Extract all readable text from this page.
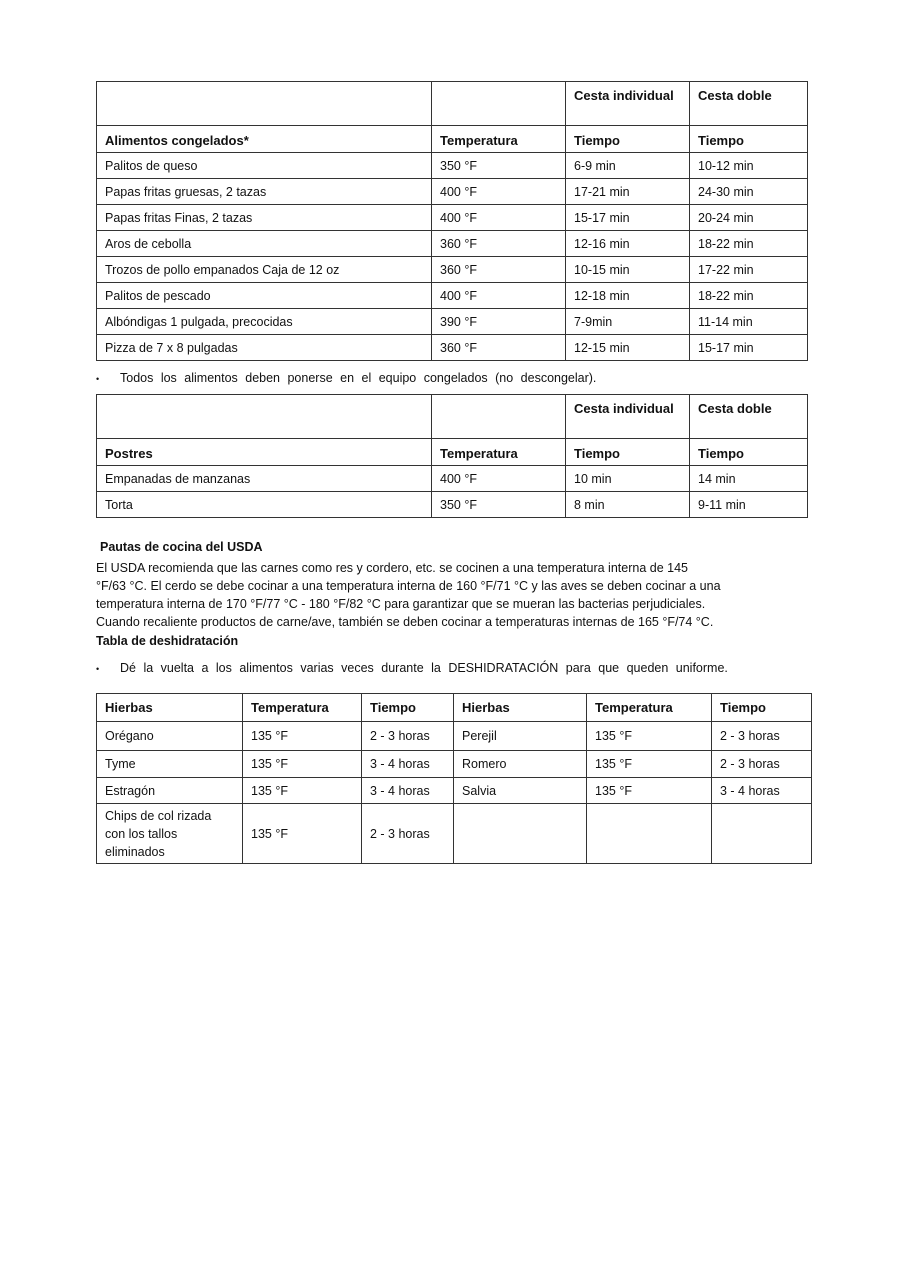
		Cesta individual	Cesta doble
Alimentos congelados*	Temperatura	Tiempo	Tiempo
Palitos de queso	350 °F	6-9 min	10-12 min
Papas fritas gruesas, 2 tazas	400 °F	17-21 min	24-30 min
Papas fritas Finas, 2 tazas	400 °F	15-17 min	20-24 min
Aros de cebolla	360 °F	12-16 min	18-22 min
Trozos de pollo empanados Caja de 12 oz	360 °F	10-15 min	17-22 min
Palitos de pescado	400 °F	12-18 min	18-22 min
Albóndigas 1 pulgada, precocidas	390 °F	7-9min	11-14 min
Pizza de 7 x 8 pulgadas	360 °F	12-15 min	15-17 min
• Todos los alimentos deben ponerse en el equipo congelados (no descongelar).
		Cesta individual	Cesta doble
Postres	Temperatura	Tiempo	Tiempo
Empanadas de manzanas	400 °F	10 min	14 min
Torta	350 °F	8 min	9-11 min
Pautas de cocina del USDA

El USDA recomienda que las carnes como res y cordero, etc. se cocinen a una temperatura interna de 145

°F/63 °C. El cerdo se debe cocinar a una temperatura interna de 160 °F/71 °C y las aves se deben cocinar a una

temperatura interna de 170 °F/77 °C - 180 °F/82 °C para garantizar que se mueran las bacterias perjudiciales.

Cuando recaliente productos de carne/ave, también se deben cocinar a temperaturas internas de 165 °F/74 °C.

Tabla de deshidratación
• Dé la vuelta a los alimentos varias veces durante la DESHIDRATACIÓN para que queden uniforme.
Hierbas	Temperatura	Tiempo	Hierbas	Temperatura	Tiempo
Orégano	135 °F	2 - 3 horas	Perejil	135 °F	2 - 3 horas
Tyme	135 °F	3 - 4 horas	Romero	135 °F	2 - 3 horas
Estragón	135 °F	3 - 4 horas	Salvia	135 °F	3 - 4 horas
Chips de col rizada con los tallos eliminados	135 °F	2 - 3 horas			
